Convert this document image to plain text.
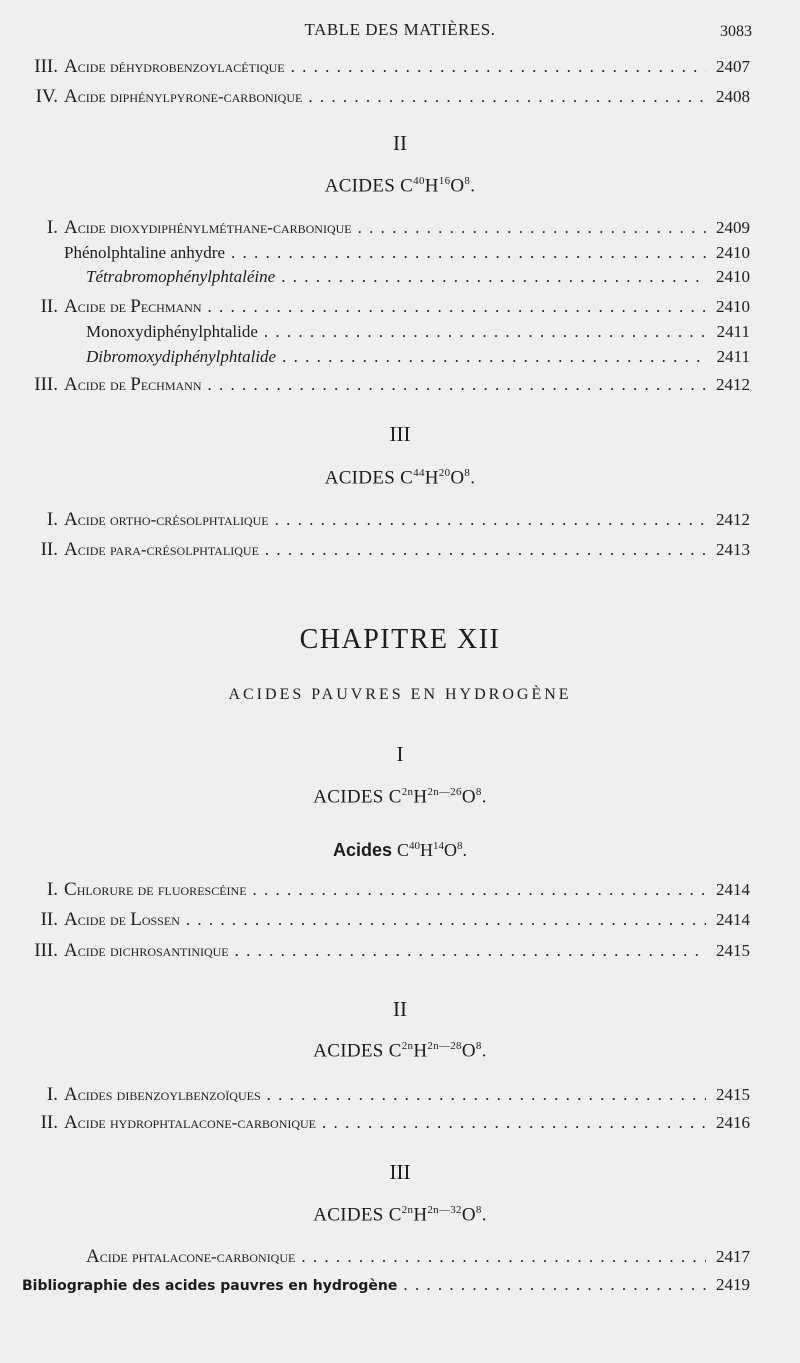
TABLE DES MATIÈRES.	3083
III. Acide déhydrobenzoylacétique . . .	2407
IV. Acide diphénylpyrone-carbonique . . .	2408
II
ACIDES $C^{40}H^{16}O^8$.
I. Acide dioxydiphénylméthane-carbonique . . .	2409
Phénolphtaline anhydre . . .	2410
Tétrabromophénylphtaléine . . .	2410
II. Acide de Pechmann . . .	2410
Monoxydiphénylphtalide . . .	2411
Dibromoxydiphénylphtalide . . .	2411
III. Acide de Pechmann . . .	2412
III
ACIDES $C^{44}H^{20}O^8$.
I. Acide ortho-crésolphtalique . . .	2412
II. Acide para-crésolphtalique . . .	2413
CHAPITRE XII
ACIDES PAUVRES EN HYDROGÈNE
I
ACIDES $C^{2n}H^{2n—26}O^8$.
Acides $C^{40}H^{14}O^8$.
I. Chlorure de fluorescéine . . .	2414
II. Acide de Lossen . . .	2414
III. Acide dichrosantinique . . .	2415
II
ACIDES $C^{2n}H^{2n—28}O^8$.
I. Acides dibenzoylbenzoïques . . .	2415
II. Acide hydrophtalacone-carbonique . . .	2416
III
ACIDES $C^{2n}H^{2n—32}O^8$.
Acide phtalacone-carbonique . . .	2417
Bibliographie des acides pauvres en hydrogène . . .	2419
